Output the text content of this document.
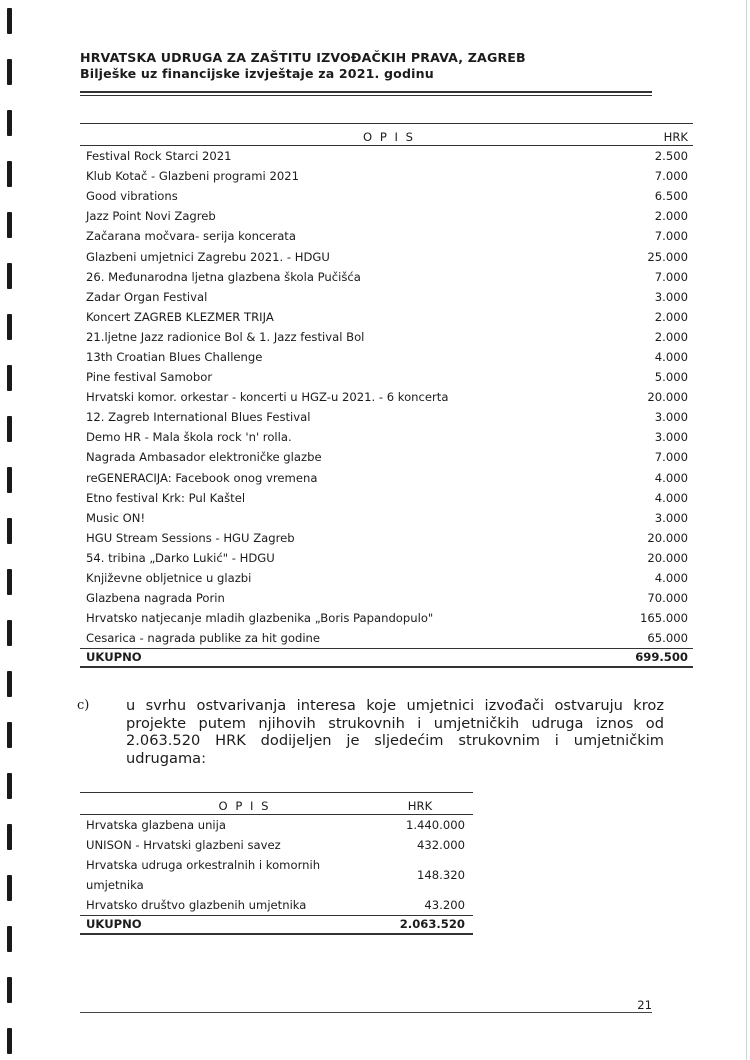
HRVATSKA UDRUGA ZA ZAŠTITU IZVOĐAČKIH PRAVA, ZAGREB
Bilješke uz financijske izvještaje za 2021. godinu
O P I S	HRK
Festival Rock Starci 2021	2.500
Klub Kotač - Glazbeni programi 2021	7.000
Good vibrations	6.500
Jazz Point Novi Zagreb	2.000
Začarana močvara- serija koncerata	7.000
Glazbeni umjetnici Zagrebu 2021. - HDGU	25.000
26. Međunarodna ljetna glazbena škola Pučišća	7.000
Zadar Organ Festival	3.000
Koncert ZAGREB KLEZMER TRIJA	2.000
21.ljetne Jazz radionice Bol & 1. Jazz festival Bol	2.000
13th Croatian Blues Challenge	4.000
Pine festival Samobor	5.000
Hrvatski komor. orkestar - koncerti u HGZ-u 2021. - 6 koncerta	20.000
12. Zagreb International Blues Festival	3.000
Demo HR - Mala škola rock 'n' rolla.	3.000
Nagrada Ambasador elektroničke glazbe	7.000
reGENERACIJA: Facebook onog vremena	4.000
Etno festival Krk: Pul Kaštel	4.000
Music ON!	3.000
HGU Stream Sessions - HGU Zagreb	20.000
54. tribina „Darko Lukić" - HDGU	20.000
Književne obljetnice u glazbi	4.000
Glazbena nagrada Porin	70.000
Hrvatsko natjecanje mladih glazbenika „Boris Papandopulo"	165.000
Cesarica - nagrada publike za hit godine	65.000
UKUPNO	699.500
c)	u svrhu ostvarivanja interesa koje umjetnici izvođači ostvaruju kroz projekte putem njihovih strukovnih i umjetničkih udruga iznos od 2.063.520 HRK dodijeljen je sljedećim strukovnim i umjetničkim udrugama:
O P I S	HRK
Hrvatska glazbena unija	1.440.000
UNISON - Hrvatski glazbeni savez	432.000
Hrvatska udruga orkestralnih i komornih umjetnika	148.320
Hrvatsko društvo glazbenih umjetnika	43.200
UKUPNO	2.063.520
21
